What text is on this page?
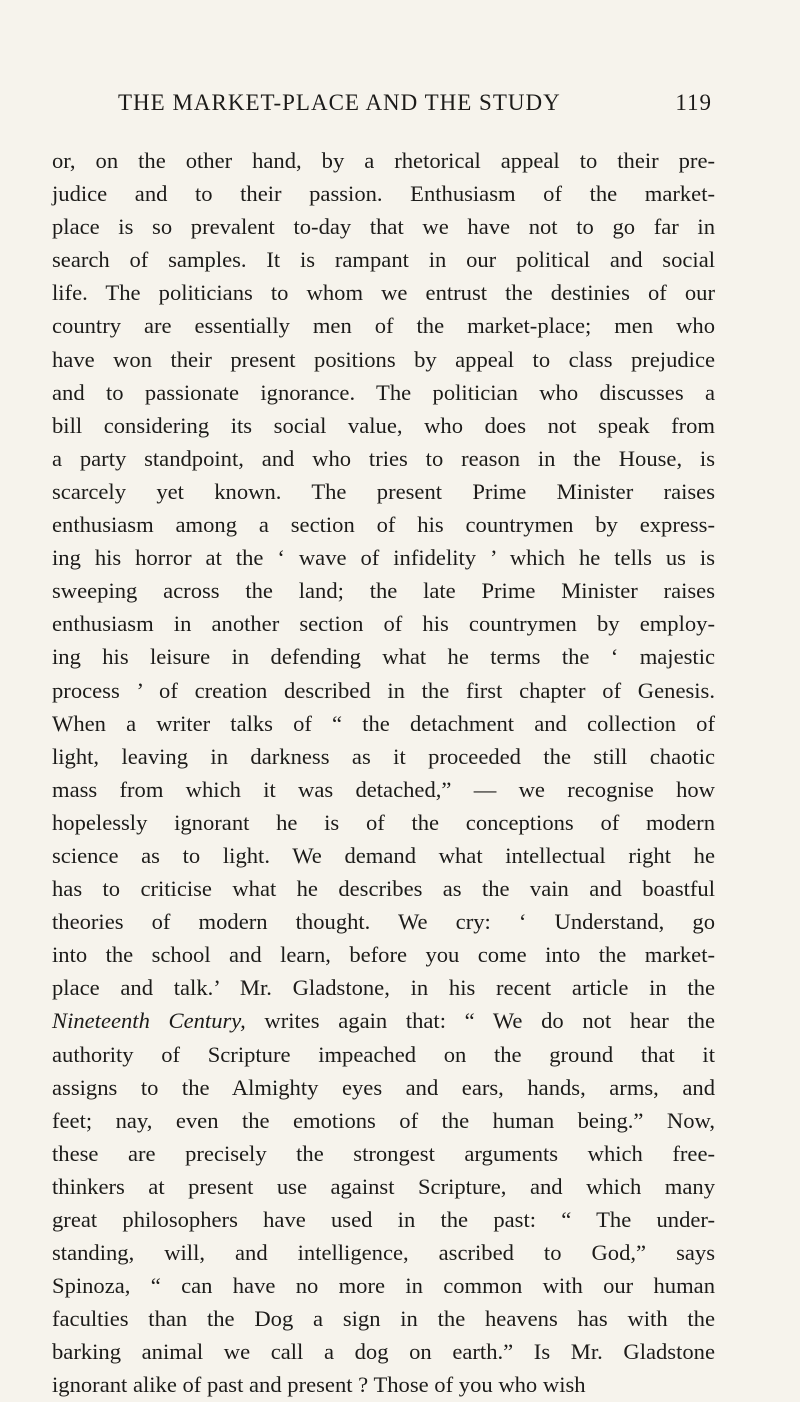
THE MARKET-PLACE AND THE STUDY	119
or, on the other hand, by a rhetorical appeal to their pre-
judice and to their passion. Enthusiasm of the market-
place is so prevalent to-day that we have not to go far in
search of samples. It is rampant in our political and social
life. The politicians to whom we entrust the destinies of our
country are essentially men of the market-place; men who
have won their present positions by appeal to class prejudice
and to passionate ignorance. The politician who discusses a
bill considering its social value, who does not speak from
a party standpoint, and who tries to reason in the House, is
scarcely yet known. The present Prime Minister raises
enthusiasm among a section of his countrymen by express-
ing his horror at the ‘ wave of infidelity ’ which he tells us is
sweeping across the land; the late Prime Minister raises
enthusiasm in another section of his countrymen by employ-
ing his leisure in defending what he terms the ‘ majestic
process ’ of creation described in the first chapter of Genesis.
When a writer talks of “ the detachment and collection of
light, leaving in darkness as it proceeded the still chaotic
mass from which it was detached,” — we recognise how
hopelessly ignorant he is of the conceptions of modern
science as to light. We demand what intellectual right he
has to criticise what he describes as the vain and boastful
theories of modern thought. We cry: ‘ Understand, go
into the school and learn, before you come into the market-
place and talk.’ Mr. Gladstone, in his recent article in the
Nineteenth Century, writes again that: “ We do not hear the
authority of Scripture impeached on the ground that it
assigns to the Almighty eyes and ears, hands, arms, and
feet; nay, even the emotions of the human being.” Now,
these are precisely the strongest arguments which free-
thinkers at present use against Scripture, and which many
great philosophers have used in the past: “ The under-
standing, will, and intelligence, ascribed to God,” says
Spinoza, “ can have no more in common with our human
faculties than the Dog a sign in the heavens has with the
barking animal we call a dog on earth.” Is Mr. Gladstone
ignorant alike of past and present ? Those of you who wish
